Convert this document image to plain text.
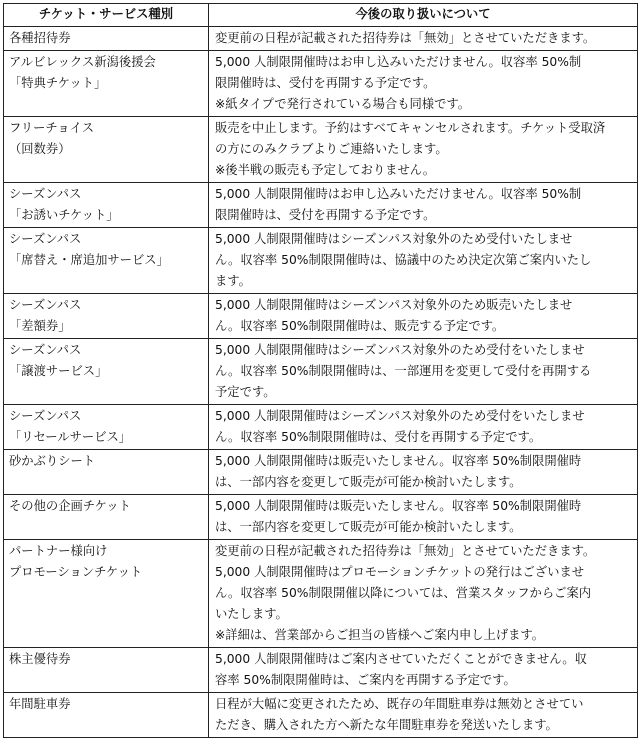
チケット・サービス種別	今後の取り扱いについて
各種招待券	変更前の日程が記載された招待券は「無効」とさせていただきます。
アルビレックス新潟後援会
「特典チケット」	5,000 人制限開催時はお申し込みいただけません。収容率 50%制
限開催時は、受付を再開する予定です。
※紙タイプで発行されている場合も同様です。
フリーチョイス
（回数券）	販売を中止します。予約はすべてキャンセルされます。チケット受取済
の方にのみクラブよりご連絡いたします。
※後半戦の販売も予定しておりません。
シーズンパス
「お誘いチケット」	5,000 人制限開催時はお申し込みいただけません。収容率 50%制
限開催時は、受付を再開する予定です。
シーズンパス
「席替え・席追加サービス」	5,000 人制限開催時はシーズンパス対象外のため受付いたしませ
ん。収容率 50%制限開催時は、協議中のため決定次第ご案内いたし
ます。
シーズンパス
「差額券」	5,000 人制限開催時はシーズンパス対象外のため販売いたしませ
ん。収容率 50%制限開催時は、販売する予定です。
シーズンパス
「譲渡サービス」	5,000 人制限開催時はシーズンパス対象外のため受付をいたしませ
ん。収容率 50%制限開催時は、一部運用を変更して受付を再開する
予定です。
シーズンパス
「リセールサービス」	5,000 人制限開催時はシーズンパス対象外のため受付をいたしませ
ん。収容率 50%制限開催時は、受付を再開する予定です。
砂かぶりシート	5,000 人制限開催時は販売いたしません。収容率 50%制限開催時
は、一部内容を変更して販売が可能か検討いたします。
その他の企画チケット	5,000 人制限開催時は販売いたしません。収容率 50%制限開催時
は、一部内容を変更して販売が可能か検討いたします。
パートナー様向け
プロモーションチケット	変更前の日程が記載された招待券は「無効」とさせていただきます。
5,000 人制限開催時はプロモーションチケットの発行はございませ
ん。収容率 50%制限開催以降については、営業スタッフからご案内
いたします。
※詳細は、営業部からご担当の皆様へご案内申し上げます。
株主優待券	5,000 人制限開催時はご案内させていただくことができません。収
容率 50%制限開催時は、ご案内を再開する予定です。
年間駐車券	日程が大幅に変更されたため、既存の年間駐車券は無効とさせてい
ただき、購入された方へ新たな年間駐車券を発送いたします。
